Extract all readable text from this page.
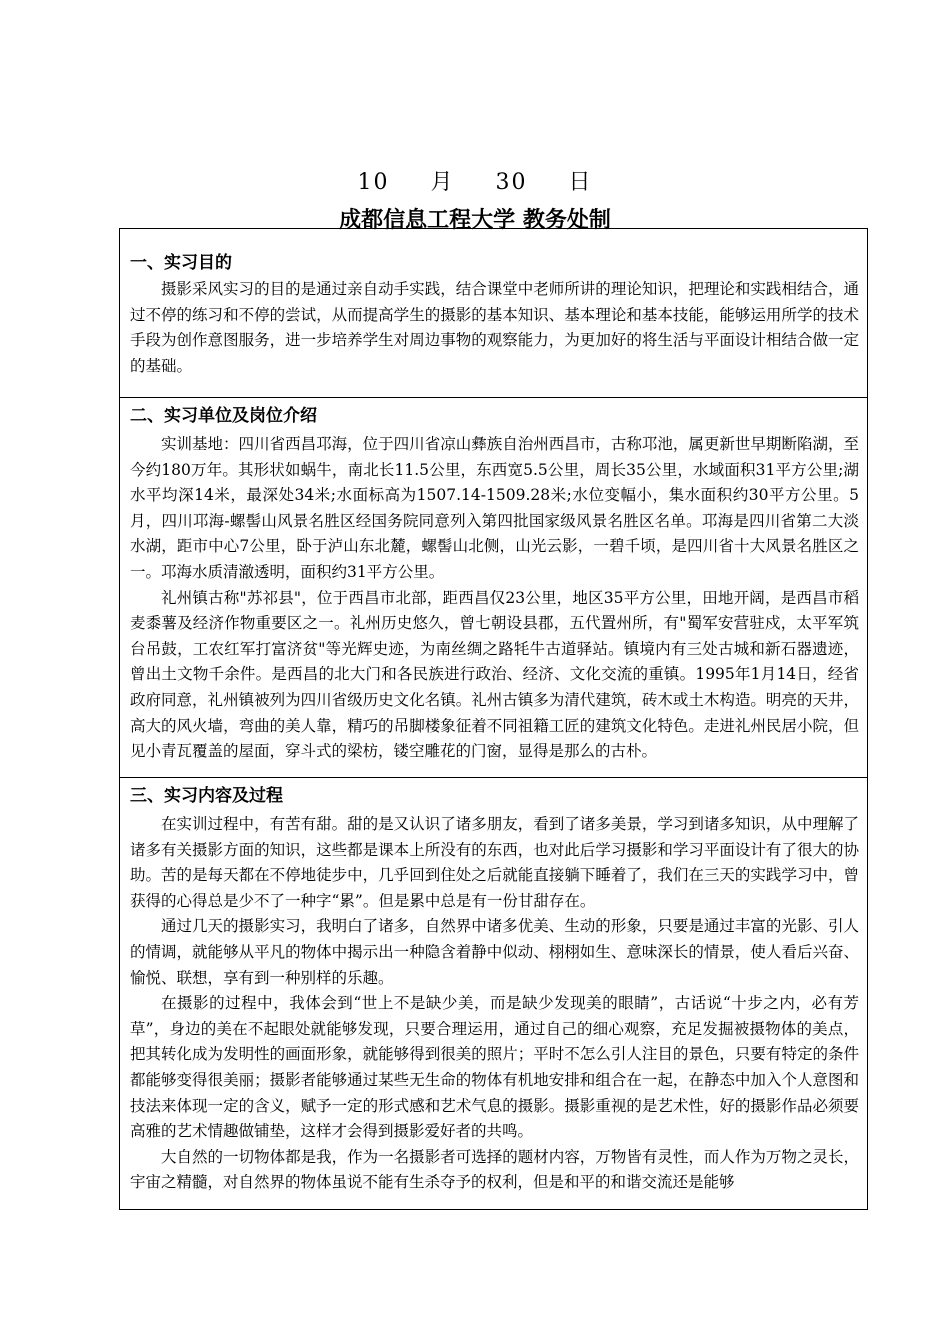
10 月 30 日
成都信息工程大学 教务处制
一、实习目的

摄影采风实习的目的是通过亲自动手实践，结合课堂中老师所讲的理论知识，把理论和实践相结合，通过不停的练习和不停的尝试，从而提高学生的摄影的基本知识、基本理论和基本技能，能够运用所学的技术手段为创作意图服务，进一步培养学生对周边事物的观察能力，为更加好的将生活与平面设计相结合做一定的基础。

二、实习单位及岗位介绍

实训基地：四川省西昌邛海，位于四川省凉山彝族自治州西昌市，古称邛池，属更新世早期断陷湖，至今约180万年。其形状如蜗牛，南北长11.5公里，东西宽5.5公里，周长35公里，水域面积31平方公里;湖水平均深14米，最深处34米;水面标高为1507.14-1509.28米;水位变幅小，集水面积约30平方公里。5月，四川邛海-螺髻山风景名胜区经国务院同意列入第四批国家级风景名胜区名单。邛海是四川省第二大淡水湖，距市中心7公里，卧于泸山东北麓，螺髻山北侧，山光云影，一碧千顷，是四川省十大风景名胜区之一。邛海水质清澈透明，面积约31平方公里。

礼州镇古称"苏祁县"，位于西昌市北部，距西昌仅23公里，地区35平方公里，田地开阔，是西昌市稻麦黍薯及经济作物重要区之一。礼州历史悠久，曾七朝设县郡，五代置州所，有"蜀军安营驻戍，太平军筑台吊鼓，工农红军打富济贫"等光辉史迹，为南丝绸之路牦牛古道驿站。镇境内有三处古城和新石器遗迹，曾出土文物千余件。是西昌的北大门和各民族进行政治、经济、文化交流的重镇。1995年1月14日，经省政府同意，礼州镇被列为四川省级历史文化名镇。礼州古镇多为清代建筑，砖木或土木构造。明亮的天井，高大的风火墙，弯曲的美人靠，精巧的吊脚楼象征着不同祖籍工匠的建筑文化特色。走进礼州民居小院，但见小青瓦覆盖的屋面，穿斗式的梁枋，镂空雕花的门窗，显得是那么的古朴。

三、实习内容及过程

在实训过程中，有苦有甜。甜的是又认识了诸多朋友，看到了诸多美景，学习到诸多知识，从中理解了诸多有关摄影方面的知识，这些都是课本上所没有的东西，也对此后学习摄影和学习平面设计有了很大的协助。苦的是每天都在不停地徒步中，几乎回到住处之后就能直接躺下睡着了，我们在三天的实践学习中，曾获得的心得总是少不了一种字“累”。但是累中总是有一份甘甜存在。

通过几天的摄影实习，我明白了诸多，自然界中诸多优美、生动的形象，只要是通过丰富的光影、引人的情调，就能够从平凡的物体中揭示出一种隐含着静中似动、栩栩如生、意味深长的情景，使人看后兴奋、愉悦、联想，享有到一种别样的乐趣。

在摄影的过程中，我体会到“世上不是缺少美，而是缺少发现美的眼睛”，古话说“十步之内，必有芳草”，身边的美在不起眼处就能够发现，只要合理运用，通过自己的细心观察，充足发掘被摄物体的美点，把其转化成为发明性的画面形象，就能够得到很美的照片；平时不怎么引人注目的景色，只要有特定的条件都能够变得很美丽；摄影者能够通过某些无生命的物体有机地安排和组合在一起，在静态中加入个人意图和技法来体现一定的含义，赋予一定的形式感和艺术气息的摄影。摄影重视的是艺术性，好的摄影作品必须要高雅的艺术情趣做铺垫，这样才会得到摄影爱好者的共鸣。

大自然的一切物体都是我，作为一名摄影者可选择的题材内容，万物皆有灵性，而人作为万物之灵长，宇宙之精髓，对自然界的物体虽说不能有生杀夺予的权利，但是和平的和谐交流还是能够
